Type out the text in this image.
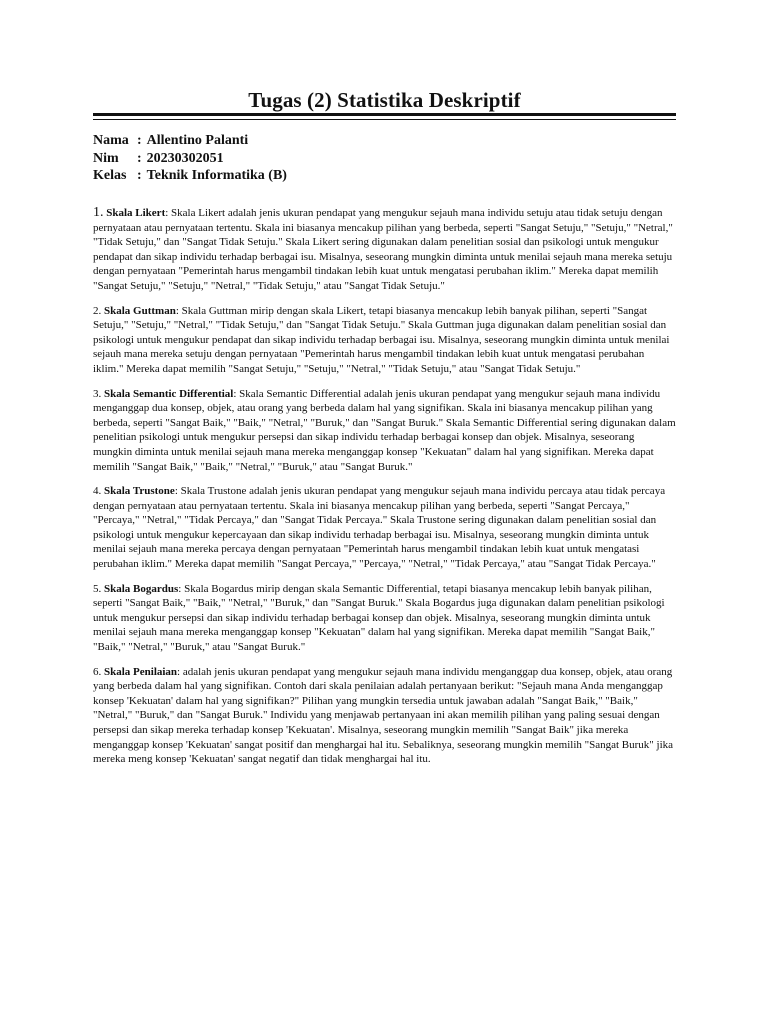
Tugas (2) Statistika Deskriptif
Nama : Allentino Palanti
Nim	: 20230302051
Kelas : Teknik Informatika (B)

1. Skala Likert: Skala Likert adalah jenis ukuran pendapat yang mengukur sejauh mana individu setuju atau tidak setuju dengan pernyataan atau pernyataan tertentu. Skala ini biasanya mencakup pilihan yang berbeda, seperti "Sangat Setuju," "Setuju," "Netral," "Tidak Setuju," dan "Sangat Tidak Setuju." Skala Likert sering digunakan dalam penelitian sosial dan psikologi untuk mengukur pendapat dan sikap individu terhadap berbagai isu. Misalnya, seseorang mungkin diminta untuk menilai sejauh mana mereka setuju dengan pernyataan "Pemerintah harus mengambil tindakan lebih kuat untuk mengatasi perubahan iklim." Mereka dapat memilih "Sangat Setuju," "Setuju," "Netral," "Tidak Setuju," atau "Sangat Tidak Setuju."

2. Skala Guttman: Skala Guttman mirip dengan skala Likert, tetapi biasanya mencakup lebih banyak pilihan, seperti "Sangat Setuju," "Setuju," "Netral," "Tidak Setuju," dan "Sangat Tidak Setuju." Skala Guttman juga digunakan dalam penelitian sosial dan psikologi untuk mengukur pendapat dan sikap individu terhadap berbagai isu. Misalnya, seseorang mungkin diminta untuk menilai sejauh mana mereka setuju dengan pernyataan "Pemerintah harus mengambil tindakan lebih kuat untuk mengatasi perubahan iklim." Mereka dapat memilih "Sangat Setuju," "Setuju," "Netral," "Tidak Setuju," atau "Sangat Tidak Setuju."

3. Skala Semantic Differential: Skala Semantic Differential adalah jenis ukuran pendapat yang mengukur sejauh mana individu menganggap dua konsep, objek, atau orang yang berbeda dalam hal yang signifikan. Skala ini biasanya mencakup pilihan yang berbeda, seperti "Sangat Baik," "Baik," "Netral," "Buruk," dan "Sangat Buruk." Skala Semantic Differential sering digunakan dalam penelitian psikologi untuk mengukur persepsi dan sikap individu terhadap berbagai konsep dan objek. Misalnya, seseorang mungkin diminta untuk menilai sejauh mana mereka menganggap konsep "Kekuatan" dalam hal yang signifikan. Mereka dapat memilih "Sangat Baik," "Baik," "Netral," "Buruk," atau "Sangat Buruk."

4. Skala Trustone: Skala Trustone adalah jenis ukuran pendapat yang mengukur sejauh mana individu percaya atau tidak percaya dengan pernyataan atau pernyataan tertentu. Skala ini biasanya mencakup pilihan yang berbeda, seperti "Sangat Percaya," "Percaya," "Netral," "Tidak Percaya," dan "Sangat Tidak Percaya." Skala Trustone sering digunakan dalam penelitian sosial dan psikologi untuk mengukur kepercayaan dan sikap individu terhadap berbagai isu. Misalnya, seseorang mungkin diminta untuk menilai sejauh mana mereka percaya dengan pernyataan "Pemerintah harus mengambil tindakan lebih kuat untuk mengatasi perubahan iklim." Mereka dapat memilih "Sangat Percaya," "Percaya," "Netral," "Tidak Percaya," atau "Sangat Tidak Percaya."

5. Skala Bogardus: Skala Bogardus mirip dengan skala Semantic Differential, tetapi biasanya mencakup lebih banyak pilihan, seperti "Sangat Baik," "Baik," "Netral," "Buruk," dan "Sangat Buruk." Skala Bogardus juga digunakan dalam penelitian psikologi untuk mengukur persepsi dan sikap individu terhadap berbagai konsep dan objek. Misalnya, seseorang mungkin diminta untuk menilai sejauh mana mereka menganggap konsep "Kekuatan" dalam hal yang signifikan. Mereka dapat memilih "Sangat Baik," "Baik," "Netral," "Buruk," atau "Sangat Buruk."

6. Skala Penilaian: adalah jenis ukuran pendapat yang mengukur sejauh mana individu menganggap dua konsep, objek, atau orang yang berbeda dalam hal yang signifikan. Contoh dari skala penilaian adalah pertanyaan berikut: "Sejauh mana Anda menganggap konsep 'Kekuatan' dalam hal yang signifikan?" Pilihan yang mungkin tersedia untuk jawaban adalah "Sangat Baik," "Baik," "Netral," "Buruk," dan "Sangat Buruk." Individu yang menjawab pertanyaan ini akan memilih pilihan yang paling sesuai dengan persepsi dan sikap mereka terhadap konsep 'Kekuatan'. Misalnya, seseorang mungkin memilih "Sangat Baik" jika mereka menganggap konsep 'Kekuatan' sangat positif dan menghargai hal itu. Sebaliknya, seseorang mungkin memilih "Sangat Buruk" jika mereka meng konsep 'Kekuatan' sangat negatif dan tidak menghargai hal itu.
